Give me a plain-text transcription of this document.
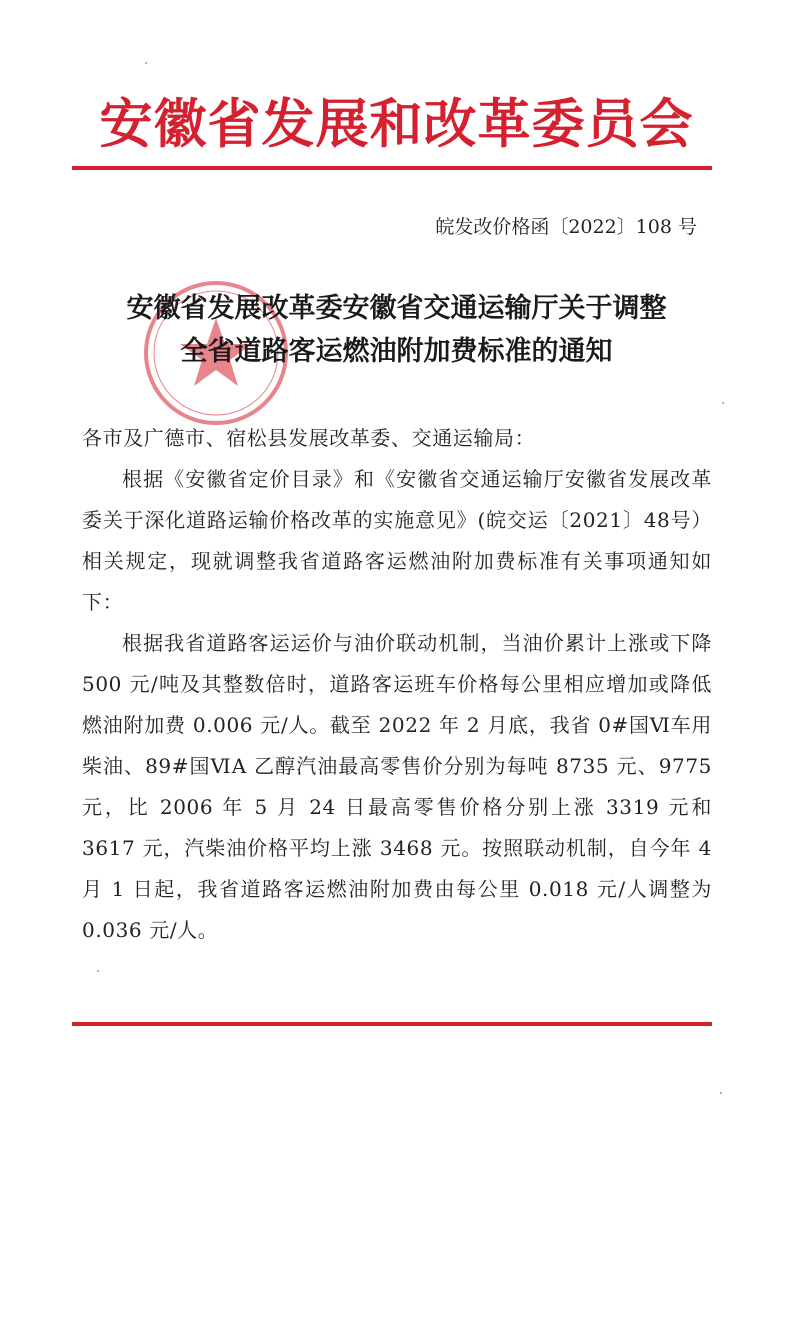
安徽省发展和改革委员会
皖发改价格函〔2022〕108 号
安徽省发展改革委安徽省交通运输厅关于调整
全省道路客运燃油附加费标准的通知

各市及广德市、宿松县发展改革委、交通运输局：

根据《安徽省定价目录》和《安徽省交通运输厅安徽省发展改革委关于深化道路运输价格改革的实施意见》(皖交运〔2021〕48号）相关规定，现就调整我省道路客运燃油附加费标准有关事项通知如下：

根据我省道路客运运价与油价联动机制，当油价累计上涨或下降 500 元/吨及其整数倍时，道路客运班车价格每公里相应增加或降低燃油附加费 0.006 元/人。截至 2022 年 2 月底，我省 0#国Ⅵ车用柴油、89#国ⅥA 乙醇汽油最高零售价分别为每吨 8735 元、9775 元，比 2006 年 5 月 24 日最高零售价格分别上涨 3319 元和 3617 元，汽柴油价格平均上涨 3468 元。按照联动机制，自今年 4 月 1 日起，我省道路客运燃油附加费由每公里 0.018 元/人调整为 0.036 元/人。
